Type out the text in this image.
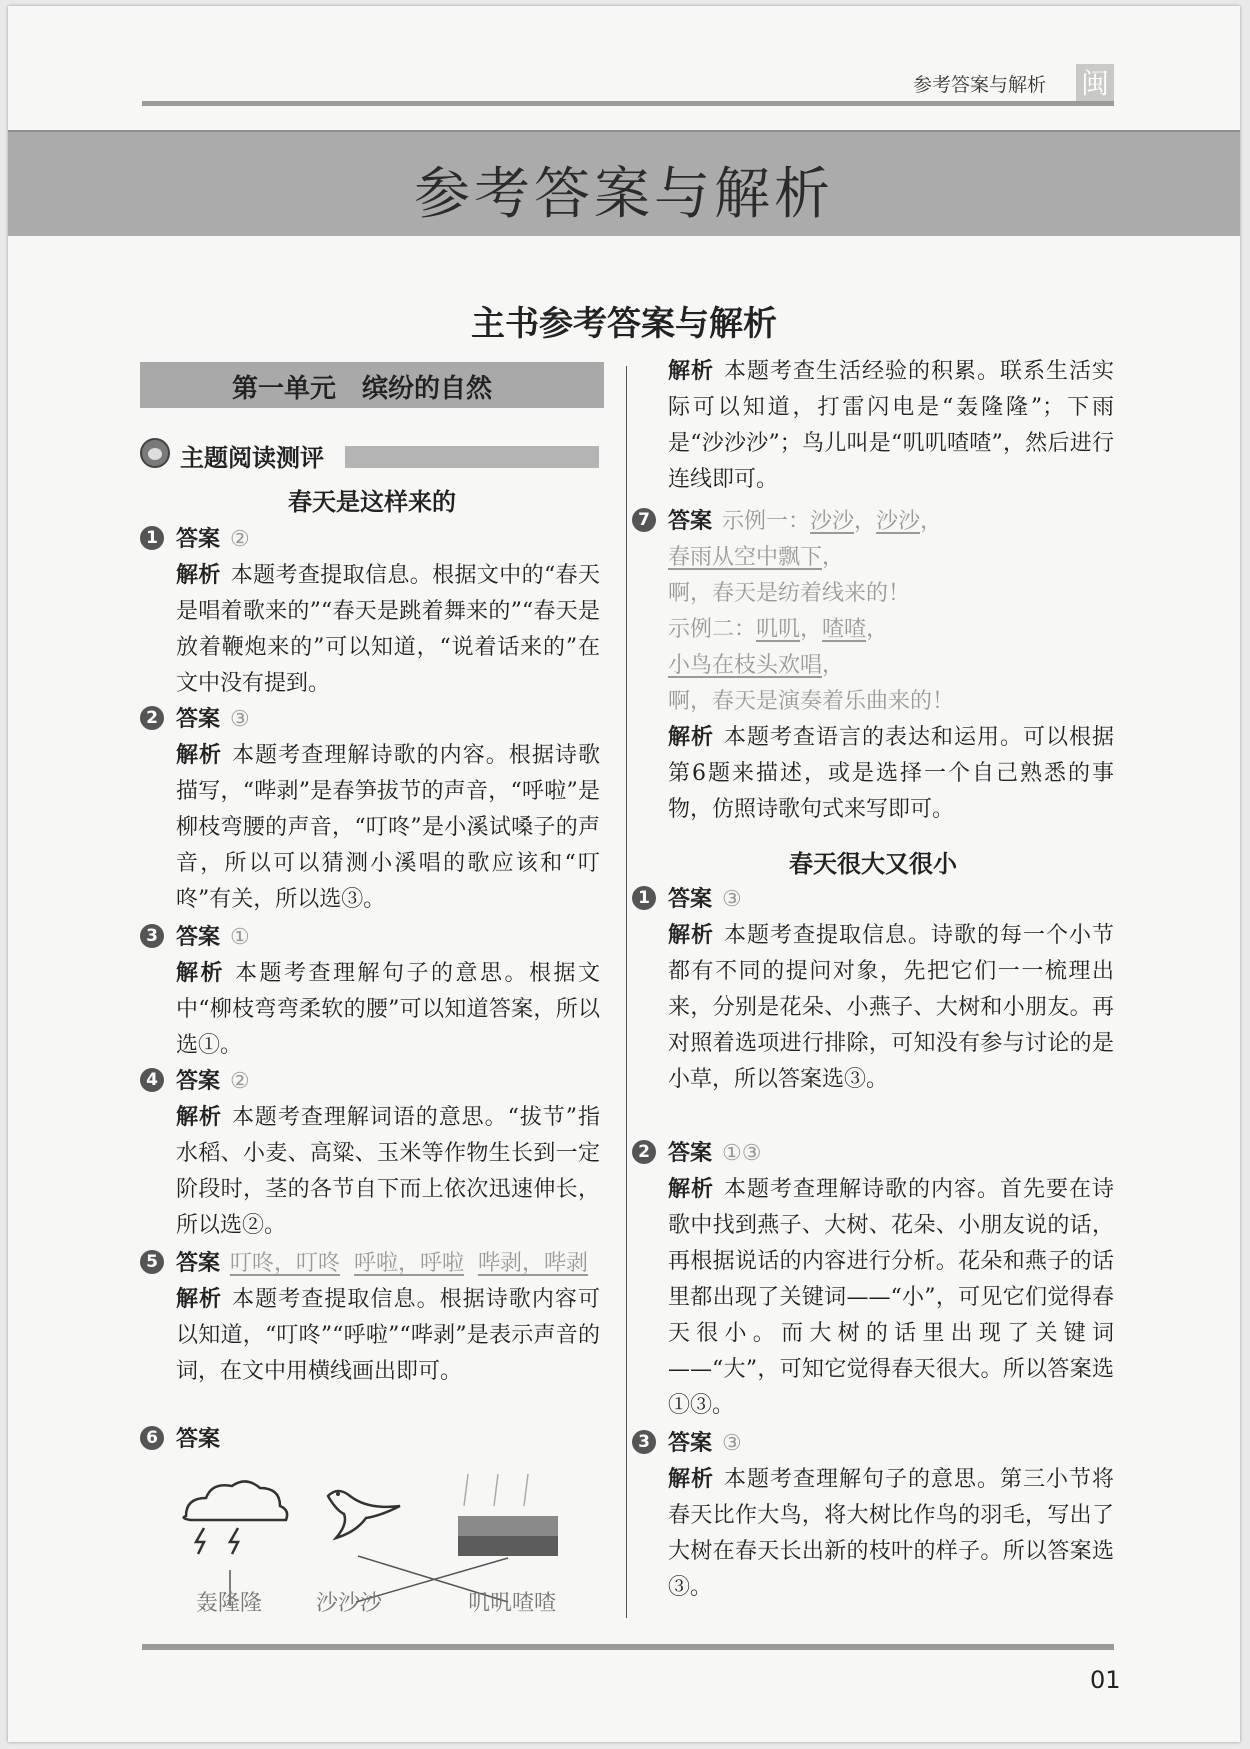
参考答案与解析 闽
参考答案与解析
主书参考答案与解析
第一单元　缤纷的自然
主题阅读测评
春天是这样来的
1 答案 ②
解析 本题考查提取信息。根据文中的“春天是唱着歌来的”“春天是跳着舞来的”“春天是放着鞭炮来的”可以知道，“说着话来的”在文中没有提到。
2 答案 ③
解析 本题考查理解诗歌的内容。根据诗歌描写，“哔剥”是春笋拔节的声音，“呼啦”是柳枝弯腰的声音，“叮咚”是小溪试嗓子的声音，所以可以猜测小溪唱的歌应该和“叮咚”有关，所以选③。
3 答案 ①
解析 本题考查理解句子的意思。根据文中“柳枝弯弯柔软的腰”可以知道答案，所以选①。
4 答案 ②
解析 本题考查理解词语的意思。“拔节”指水稻、小麦、高粱、玉米等作物生长到一定阶段时，茎的各节自下而上依次迅速伸长，所以选②。
5 答案 叮咚，叮咚 呼啦，呼啦 哔剥，哔剥
解析 本题考查提取信息。根据诗歌内容可以知道，“叮咚”“呼啦”“哔剥”是表示声音的词，在文中用横线画出即可。
6 答案
轰隆隆 沙沙沙	叽叽喳喳
解析 本题考查生活经验的积累。联系生活实际可以知道，打雷闪电是“轰隆隆”；下雨是“沙沙沙”；鸟儿叫是“叽叽喳喳”，然后进行连线即可。
7 答案 示例一：沙沙，沙沙，
春雨从空中飘下，
啊，春天是纺着线来的！
示例二：叽叽，喳喳，
小鸟在枝头欢唱，
啊，春天是演奏着乐曲来的！
解析 本题考查语言的表达和运用。可以根据第6题来描述，或是选择一个自己熟悉的事物，仿照诗歌句式来写即可。
春天很大又很小
1 答案 ③
解析 本题考查提取信息。诗歌的每一个小节都有不同的提问对象，先把它们一一梳理出来，分别是花朵、小燕子、大树和小朋友。再对照着选项进行排除，可知没有参与讨论的是小草，所以答案选③。
2 答案 ①③
解析 本题考查理解诗歌的内容。首先要在诗歌中找到燕子、大树、花朵、小朋友说的话，再根据说话的内容进行分析。花朵和燕子的话里都出现了关键词——“小”，可见它们觉得春天很小。而大树的话里出现了关键词——“大”，可知它觉得春天很大。所以答案选①③。
3 答案 ③
解析 本题考查理解句子的意思。第三小节将春天比作大鸟，将大树比作鸟的羽毛，写出了大树在春天长出新的枝叶的样子。所以答案选③。
01
